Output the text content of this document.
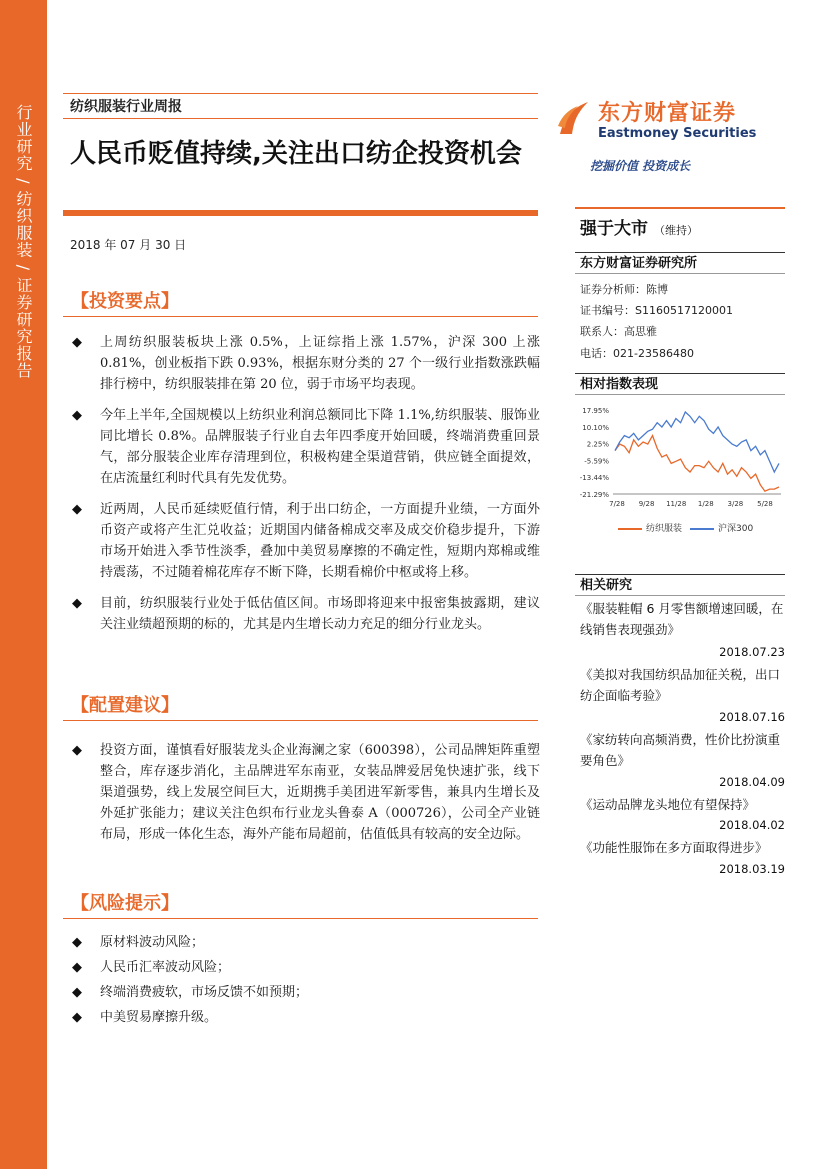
行业研究 / 纺织服装 / 证券研究报告	纺织服装行业周报
人民币贬值持续,关注出口纺企投资机会
2018 年 07 月 30 日
【投资要点】
◆ 上周纺织服装板块上涨 0.5%，上证综指上涨 1.57%，沪深 300 上涨 0.81%，创业板指下跌 0.93%，根据东财分类的 27 个一级行业指数涨跌幅排行榜中，纺织服装排在第 20 位，弱于市场平均表现。
◆ 今年上半年,全国规模以上纺织业利润总额同比下降 1.1%,纺织服装、服饰业同比增长 0.8%。品牌服装子行业自去年四季度开始回暖，终端消费重回景气，部分服装企业库存清理到位，积极构建全渠道营销，供应链全面提效，在店流量红利时代具有先发优势。
◆ 近两周，人民币延续贬值行情，利于出口纺企，一方面提升业绩，一方面外币资产或将产生汇兑收益；近期国内储备棉成交率及成交价稳步提升，下游市场开始进入季节性淡季，叠加中美贸易摩擦的不确定性，短期内郑棉或维持震荡，不过随着棉花库存不断下降，长期看棉价中枢或将上移。
◆ 目前，纺织服装行业处于低估值区间。市场即将迎来中报密集披露期，建议关注业绩超预期的标的，尤其是内生增长动力充足的细分行业龙头。
【配置建议】
◆ 投资方面，谨慎看好服装龙头企业海澜之家（600398），公司品牌矩阵重塑整合，库存逐步消化，主品牌进军东南亚，女装品牌爱居兔快速扩张，线下渠道强势，线上发展空间巨大，近期携手美团进军新零售，兼具内生增长及外延扩张能力；建议关注色织布行业龙头鲁泰 A（000726），公司全产业链布局，形成一体化生态，海外产能布局超前，估值低具有较高的安全边际。
【风险提示】
◆ 原材料波动风险；
◆ 人民币汇率波动风险；
◆ 终端消费疲软，市场反馈不如预期；
◆ 中美贸易摩擦升级。
东方财富证券
Eastmoney Securities
挖掘价值 投资成长
强于大市 （维持）
东方财富证券研究所
证券分析师：陈博
证书编号：S1160517120001
联系人：高思雅
电话：021-23586480
相对指数表现
17.95%
10.10%
2.25%
-5.59%
-13.44%
-21.29%
7/28 9/28 11/28 1/28 3/28 5/28
纺织服装	沪深300
相关研究
《服装鞋帽 6 月零售额增速回暖，在线销售表现强劲》
2018.07.23
《美拟对我国纺织品加征关税，出口纺企面临考验》
2018.07.16
《家纺转向高频消费，性价比扮演重要角色》
2018.04.09
《运动品牌龙头地位有望保持》
2018.04.02
《功能性服饰在多方面取得进步》
2018.03.19
